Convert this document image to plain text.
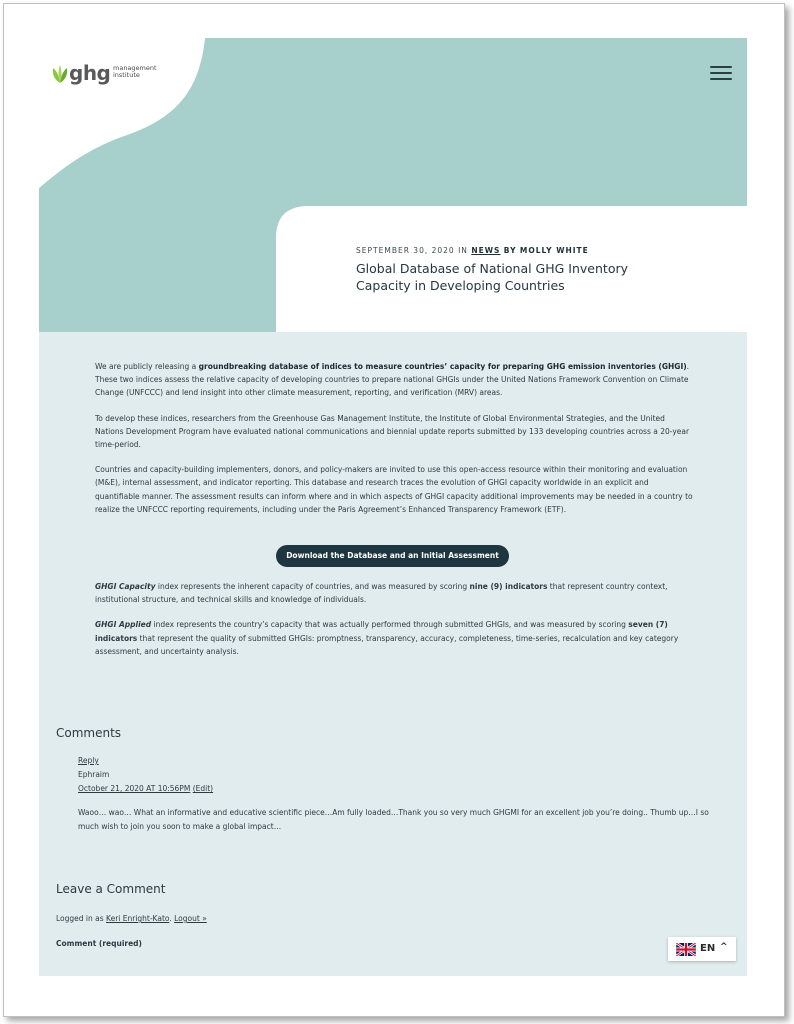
ghg management
institute
SEPTEMBER 30, 2020 IN NEWS BY MOLLY WHITE
Global Database of National GHG Inventory Capacity in Developing Countries

We are publicly releasing a groundbreaking database of indices to measure countries’ capacity for preparing GHG emission inventories (GHGI). These two indices assess the relative capacity of developing countries to prepare national GHGIs under the United Nations Framework Convention on Climate Change (UNFCCC) and lend insight into other climate measurement, reporting, and verification (MRV) areas.

To develop these indices, researchers from the Greenhouse Gas Management Institute, the Institute of Global Environmental Strategies, and the United Nations Development Program have evaluated national communications and biennial update reports submitted by 133 developing countries across a 20-year time-period.

Countries and capacity-building implementers, donors, and policy-makers are invited to use this open-access resource within their monitoring and evaluation (M&E), internal assessment, and indicator reporting. This database and research traces the evolution of GHGI capacity worldwide in an explicit and quantifiable manner. The assessment results can inform where and in which aspects of GHGI capacity additional improvements may be needed in a country to realize the UNFCCC reporting requirements, including under the Paris Agreement’s Enhanced Transparency Framework (ETF).

Download the Database and an Initial Assessment

GHGI Capacity index represents the inherent capacity of countries, and was measured by scoring nine (9) indicators that represent country context, institutional structure, and technical skills and knowledge of individuals.

GHGI Applied index represents the country’s capacity that was actually performed through submitted GHGIs, and was measured by scoring seven (7) indicators that represent the quality of submitted GHGIs: promptness, transparency, accuracy, completeness, time-series, recalculation and key category assessment, and uncertainty analysis.

Comments
Reply
Ephraim
October 21, 2020 AT 10:56PM (Edit)
Waoo… wao… What an informative and educative scientific piece…Am fully loaded…Thank you so very much GHGMI for an excellent job you’re doing.. Thumb up…I so much wish to join you soon to make a global impact…
Leave a Comment
Logged in as Keri Enright-Kato. Logout »
Comment (required)	EN ^
